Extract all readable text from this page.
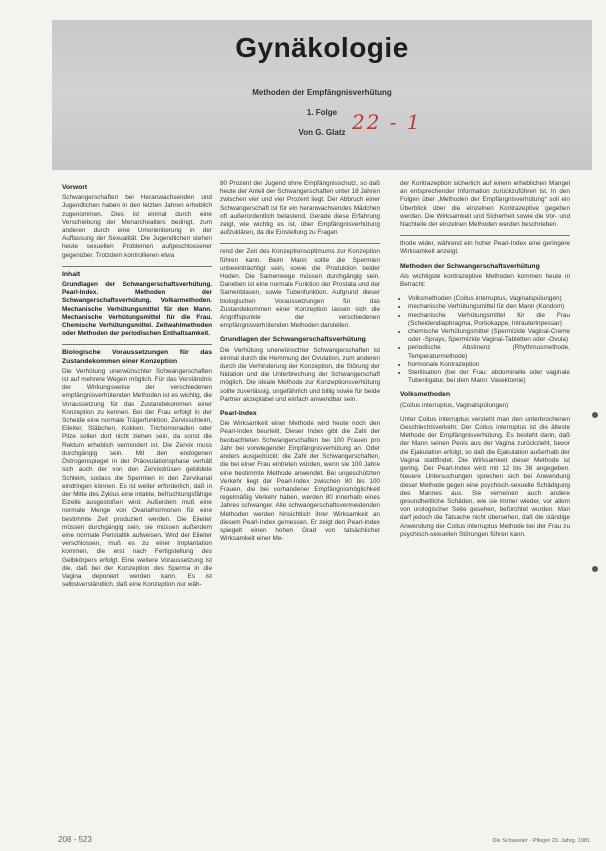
Gynäkologie
Methoden der Empfängnisverhütung
1. Folge
Von G. Glatz 22 - 1
Vorwort

Schwangerschaften bei Heranwachsenden und Jugendlichen haben in den letzten Jahren erheblich zugenommen. Dies ist einmal durch eine Verschiebung der Menarchealters bedingt, zum anderen durch eine Umorientierung in der Auffassung der Sexualität. Die Jugendlichen stehen heute sexuellen Problemen aufgeschlossener gegenüber. Trotzdem kontrollieren etwa

Inhalt

Grundlagen der Schwangerschaftsverhütung. Pearl-Index. Methoden der Schwangerschaftsverhütung. Volkarmethoden. Mechanische Verhütungsmittel für den Mann. Mechanische Verhütungsmittel für die Frau. Chemische Verhütungsmittel. Zeitwahlmethoden oder Methoden der periodischen Enthaltsamkeit.

Biologische Voraussetzungen für das Zustandekommen einer Konzeption

Die Verhütung unerwünschter Schwangerschaften ist auf mehrere Wegen möglich. Für das Verständnis der Wirkungsweise der verschiedenen empfängnisverhütenden Methoden ist es wichtig, die Voraussetzung für das Zustandekommen einer Konzeption zu kennen. Bei der Frau erfolgt in der Scheide eine normale Trägerfunktion, Zervixschleim, Eileiter, Stäbchen, Kokken. Trichomonaden oder Pilze sollen dort nicht ziehen sein, da sonst die Rektum erheblich vermindert ist. Die Zervix muss durchgängig sein. Mit den endogenen Östrogenspiegel in der Präovulationsphase verhält sich auch der von den Zervixdrüsen gebildete Schleim, sodass die Spermien in den Zervikanal eindringen können. Es ist weiter erforderlich, daß in der Mitte des Zyklus eine intakte, befruchtungsfähige Eizelle ausgestoßen wird. Außerdem muß eine normale Menge von Ovarialhormonen für eine bestimmte Zeit produziert werden. Die Eileiter müssen durchgängig sein, sie müssen außerdem eine normale Peristaltik aufweisen. Wird der Eileiter verschlossen, muß es zu einer Implantation kommen, die erst nach Fertigstellung des Gelbkörpers erfolgt. Eine weitere Voraussetzung ist die, daß bei der Konzeption des Sperma in die Vagina deponiert werden kann. Es ist selbstverständlich, daß eine Konzeption nur wäh-

80 Prozent der Jugend ohne Empfängnisschutz, so daß heute der Anteil der Schwangerschaften unter 18 Jahren zwischen vier und vier Prozent liegt. Der Abbruch einer Schwangerschaft ist für ein heranwachsendes Mädchen oft außerordentlich belastend. Gerade diese Erfahrung zeigt, wie wichtig es ist, über Empfängnisverhütung aufzuklären, da die Einstellung zu Fragen

rend der Zeit des Konzeptionsoptimums zur Konzeption führen kann. Beim Mann sollte die Spermien unbeeinträchtigt sein, sowie die Produktion beider Hoden. Die Samenwege müssen durchgängig sein. Daneben ist eine normale Funktion der Prostata und der Samenblasen, sowie Tubenfunktion. Aufgrund dieser biologischen Voraussetzungen für das Zustandekommen einer Konzeption lassen sich die Angriffspunkte der verschiedenen empfängnisverhütenden Methoden darstellen.

Grundlagen der Schwangerschaftsverhütung

Die Verhütung unerwünschter Schwangerschaften ist einmal durch die Hemmung der Ovulation, zum anderen durch die Verhinderung der Konzeption, die Störung der Nidation und die Unterbrechung der Schwangerschaft möglich. Die ideale Methode zur Konzeptionsverhütung sollte zuverlässig, ungefährlich und billig sowie für beide Partner akzeptabel und einfach anwendbar sein.

Pearl-Index

Die Wirksamkeit einer Methode wird heute noch den Pearl-Index beurteilt. Dieser Index gibt die Zahl der beobachteten Schwangerschaften bei 100 Frauen pro Jahr bei vorwiegender Empfängnisverhütung an. Oder anders ausgedrückt: die Zahl der Schwangerschaften, die bei einer Frau eintreten würden, wenn sie 100 Jahre eine bestimmte Methode anwendet. Bei ungeschützten Verkehr liegt der Pearl-Index zwischen 80 bis 100 Frauen, die bei vorhandener Empfängnismöglichkeit regelmäßig Verkehr haben, werden 80 innerhalb eines Jahres schwanger. Alle schwangerschaftsvermeidenden Methoden werden hinsichtlich ihrer Wirksamkeit an diesem Pearl-Index gemessen. Er zeigt den Pearl-Index spiegelt einen hohen Grad von tatsächlicher Wirksamkeit einer Me-

der Kontrazeption sicherlich auf einem erheblichen Mangel an entsprechender Information zurückzuführen ist. In den Folgen über „Methoden der Empfängnisverhütung“ soll ein Überblick über die einzelnen Kontrazeptive gegeben werden. Die Wirksamkeit und Sicherheit sowie die Vor- und Nachteile der einzelnen Methoden werden beschrieben.

thode wider, während ein hoher Pearl-Index eine geringere Wirksamkeit anzeigt.

Methoden der Schwangerschaftsverhütung

Als wichtigste kontrazeptive Methoden kommen heute in Betracht:

• Volksmethoden (Coitus interruptus, Vaginalspülungen)
• mechanische Verhütungsmittel für den Mann (Kondom)
• mechanische Verhütungsmittel für die Frau (Scheidendiaphragma, Portiokappe, Intrauterinpessar)
• chemische Verhütungsmittel (Spermizide Vaginal-Creme oder -Sprays, Spermizide Vaginal-Tabletten oder -Ovula)
• periodische Abstinenz (Rhythmusmethode, Temperaturmethode)
• hormonale Kontrazeption
• Sterilisation (bei der Frau: abdominelle oder vaginale Tubenligatur, bei dem Mann: Vasektomie)
Volksmethoden

(Coitus interruptus, Vaginalspülungen)

Unter Coitus interruptus versteht man den unterbrochenen Geschlechtsverkehr. Der Coitus interruptus ist die älteste Methode der Empfängnisverhütung. Es besteht darin, daß der Mann seinen Penis aus der Vagina zurückzieht, bevor die Ejakulation erfolgt, so daß die Ejakulation außerhalb der Vagina stattfindet. Die Wirksamkeit dieser Methode ist gering. Der Pearl-Index wird mit 12 bis 38 angegeben. Neuere Untersuchungen sprechen sich bei Anwendung dieser Methode gegen eine psychisch-sexuelle Schädigung des Mannes aus. Sie verneinen auch andere gesundheitliche Schäden, wie sie immer wieder, vor allem von urologischer Seite gesehen, befürchtet wurden. Man darf jedoch die Tatsache nicht übersehen, daß die ständige Anwendung der Coitus interruptus Methode bei der Frau zu psychisch-sexuellen Störungen führen kann.

208 - 523	Die Schwester · Pfleger 20. Jahrg. 1981
